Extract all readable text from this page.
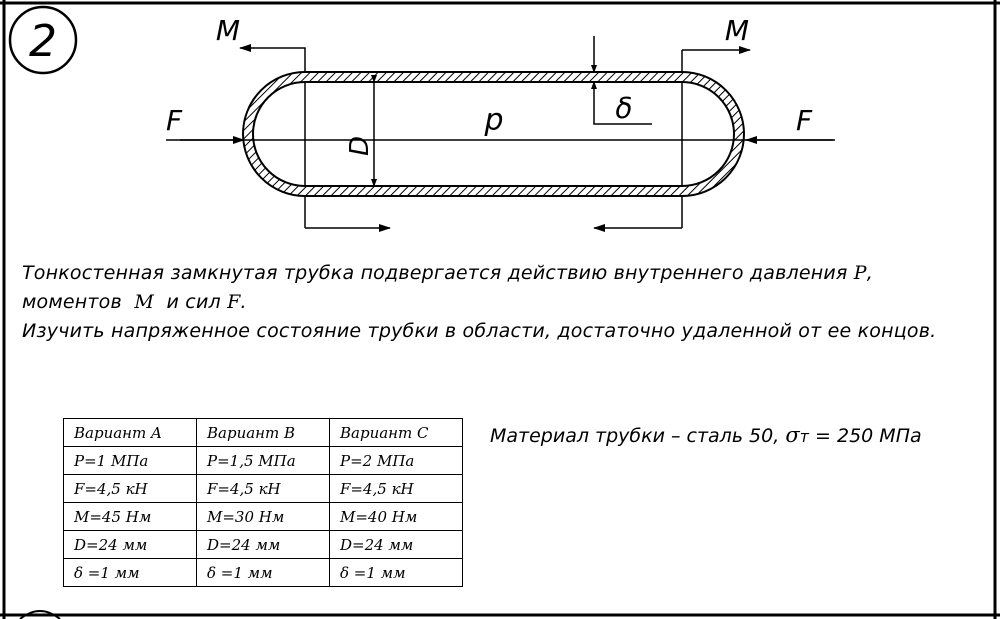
2
F	F
M	M
D
p	δ
Тонкостенная замкнутая трубка подвергается действию внутреннего давления P,
моментов  M  и сил F.
Изучить напряженное состояние трубки в области, достаточно удаленной от ее концов.
Вариант A	Вариант B	Вариант C
P=1 МПа	P=1,5 МПа	P=2 МПа
F=4,5 кН	F=4,5 кН	F=4,5 кН
M=45 Нм	M=30 Нм	M=40 Нм
D=24 мм	D=24 мм	D=24 мм
δ =1 мм	δ =1 мм	δ =1 мм
Материал трубки – сталь 50, σт = 250 МПа
